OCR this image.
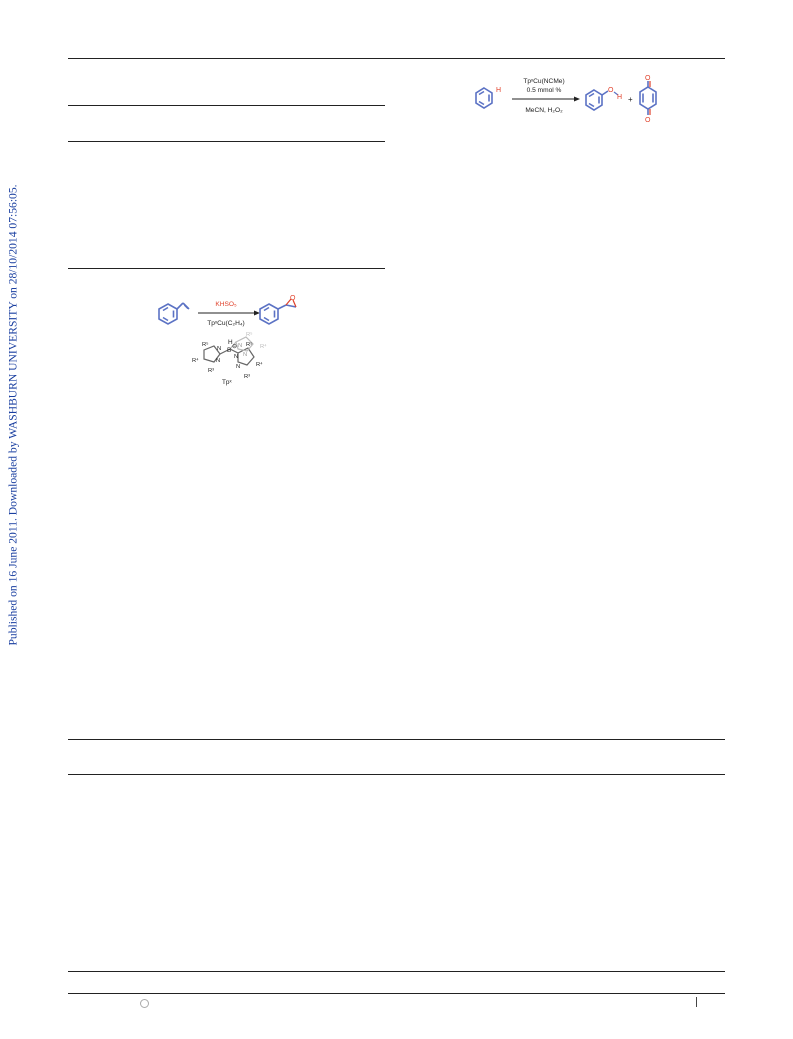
Published on 16 June 2011. Downloaded by WASHBURN UNIVERSITY on 28/10/2014 07:56:05.
H
TpˣCu(NCMe)
0.5 mmol %
MeCN, H₂O₂
O
H +
O
O
KHSO₅
TpˣCu(C₂H₄)
O
H
B ⊖
N
N
N
N
N
N
R⁵
R⁴
R³
R⁵
R⁴
R⁵
R⁴
R³
Tpˣ
